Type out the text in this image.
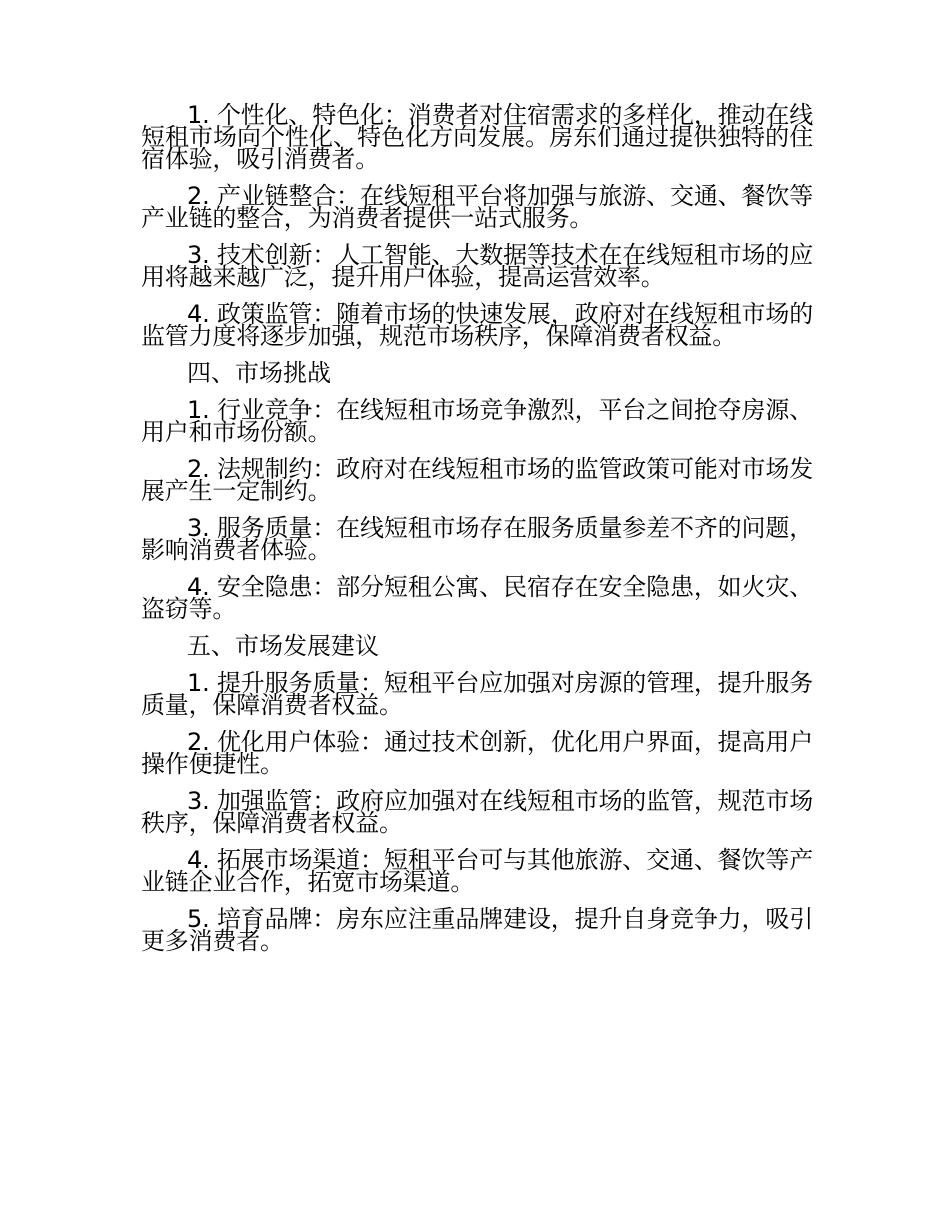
1. 个性化、特色化：消费者对住宿需求的多样化，推动在线短租市场向个性化、特色化方向发展。房东们通过提供独特的住宿体验，吸引消费者。

2. 产业链整合：在线短租平台将加强与旅游、交通、餐饮等产业链的整合，为消费者提供一站式服务。

3. 技术创新：人工智能、大数据等技术在在线短租市场的应用将越来越广泛，提升用户体验，提高运营效率。

4. 政策监管：随着市场的快速发展，政府对在线短租市场的监管力度将逐步加强，规范市场秩序，保障消费者权益。

四、市场挑战

1. 行业竞争：在线短租市场竞争激烈，平台之间抢夺房源、用户和市场份额。

2. 法规制约：政府对在线短租市场的监管政策可能对市场发展产生一定制约。

3. 服务质量：在线短租市场存在服务质量参差不齐的问题，影响消费者体验。

4. 安全隐患：部分短租公寓、民宿存在安全隐患，如火灾、盗窃等。

五、市场发展建议

1. 提升服务质量：短租平台应加强对房源的管理，提升服务质量，保障消费者权益。

2. 优化用户体验：通过技术创新，优化用户界面，提高用户操作便捷性。

3. 加强监管：政府应加强对在线短租市场的监管，规范市场秩序，保障消费者权益。

4. 拓展市场渠道：短租平台可与其他旅游、交通、餐饮等产业链企业合作，拓宽市场渠道。

5. 培育品牌：房东应注重品牌建设，提升自身竞争力，吸引更多消费者。
